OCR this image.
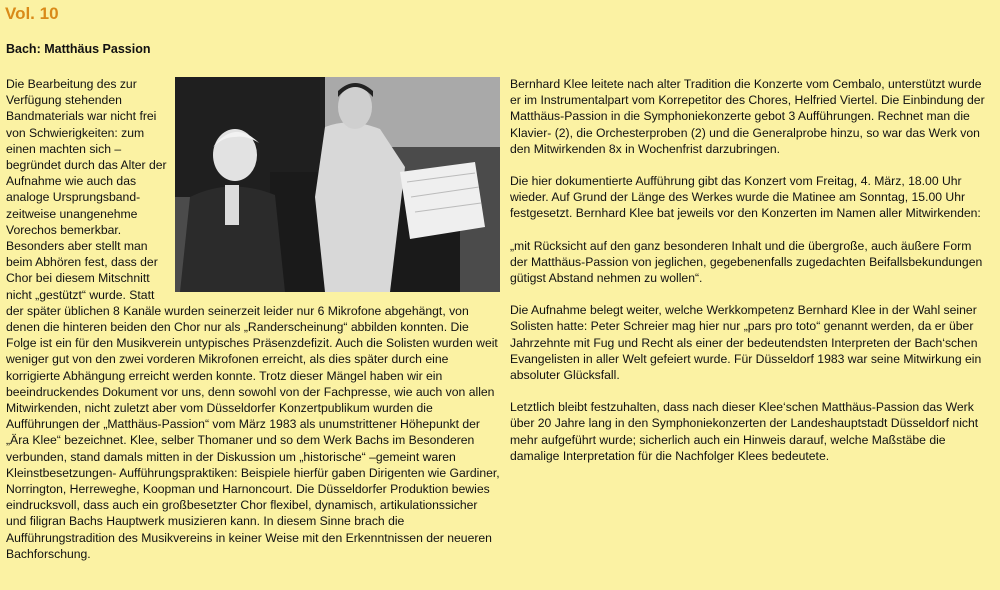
Vol. 10
Bach: Matthäus Passion

Die Bearbeitung des zur Verfügung stehenden Bandmaterials war nicht frei von Schwierigkeiten: zum einen machten sich –begründet durch das Alter der Aufnahme wie auch das analoge Ursprungsband- zeitweise unangenehme Vorechos bemerkbar. Besonders aber stellt man beim Abhören fest, dass der Chor bei diesem Mitschnitt nicht „gestützt“ wurde. Statt der später üblichen 8 Kanäle wurden seinerzeit leider nur 6 Mikrofone abgehängt, von denen die hinteren beiden den Chor nur als „Randerscheinung“ abbilden konnten. Die Folge ist ein für den Musikverein untypisches Präsenzdefizit. Auch die Solisten wurden weit weniger gut von den zwei vorderen Mikrofonen erreicht, als dies später durch eine korrigierte Abhängung erreicht werden konnte. Trotz dieser Mängel haben wir ein beeindruckendes Dokument vor uns, denn sowohl von der Fachpresse, wie auch von allen Mitwirkenden, nicht zuletzt aber vom Düsseldorfer Konzertpublikum wurden die Aufführungen der „Matthäus-Passion“ vom März 1983 als unumstrittener Höhepunkt der „Ära Klee“ bezeichnet. Klee, selber Thomaner und so dem Werk Bachs im Besonderen verbunden, stand damals mitten in der Diskussion um „historische“ –gemeint waren Kleinstbesetzungen- Aufführungspraktiken: Beispiele hierfür gaben Dirigenten wie Gardiner, Norrington, Herreweghe, Koopman und Harnoncourt. Die Düsseldorfer Produktion bewies eindrucksvoll, dass auch ein großbesetzter Chor flexibel, dynamisch, artikulationssicher und filigran Bachs Hauptwerk musizieren kann. In diesem Sinne brach die Aufführungstradition des Musikvereins in keiner Weise mit den Erkenntnissen der neueren Bachforschung.

Bernhard Klee leitete nach alter Tradition die Konzerte vom Cembalo, unterstützt wurde er im Instrumentalpart vom Korrepetitor des Chores, Helfried Viertel. Die Einbindung der Matthäus-Passion in die Symphoniekonzerte gebot 3 Aufführungen. Rechnet man die Klavier- (2), die Orchesterproben (2) und die Generalprobe hinzu, so war das Werk von den Mitwirkenden 8x in Wochenfrist darzubringen.

Die hier dokumentierte Aufführung gibt das Konzert vom Freitag, 4. März, 18.00 Uhr wieder. Auf Grund der Länge des Werkes wurde die Matinee am Sonntag, 15.00 Uhr festgesetzt. Bernhard Klee bat jeweils vor den Konzerten im Namen aller Mitwirkenden:

„mit Rücksicht auf den ganz besonderen Inhalt und die übergroße, auch äußere Form der Matthäus-Passion von jeglichen, gegebenenfalls zugedachten Beifallsbekundungen gütigst Abstand nehmen zu wollen“.

Die Aufnahme belegt weiter, welche Werkkompetenz Bernhard Klee in der Wahl seiner Solisten hatte: Peter Schreier mag hier nur „pars pro toto“ genannt werden, da er über Jahrzehnte mit Fug und Recht als einer der bedeutendsten Interpreten der Bach‘schen Evangelisten in aller Welt gefeiert wurde. Für Düsseldorf 1983 war seine Mitwirkung ein absoluter Glücksfall.

Letztlich bleibt festzuhalten, dass nach dieser Klee‘schen Matthäus-Passion das Werk über 20 Jahre lang in den Symphoniekonzerten der Landeshauptstadt Düsseldorf nicht mehr aufgeführt wurde; sicherlich auch ein Hinweis darauf, welche Maßstäbe die damalige Interpretation für die Nachfolger Klees bedeutete.
